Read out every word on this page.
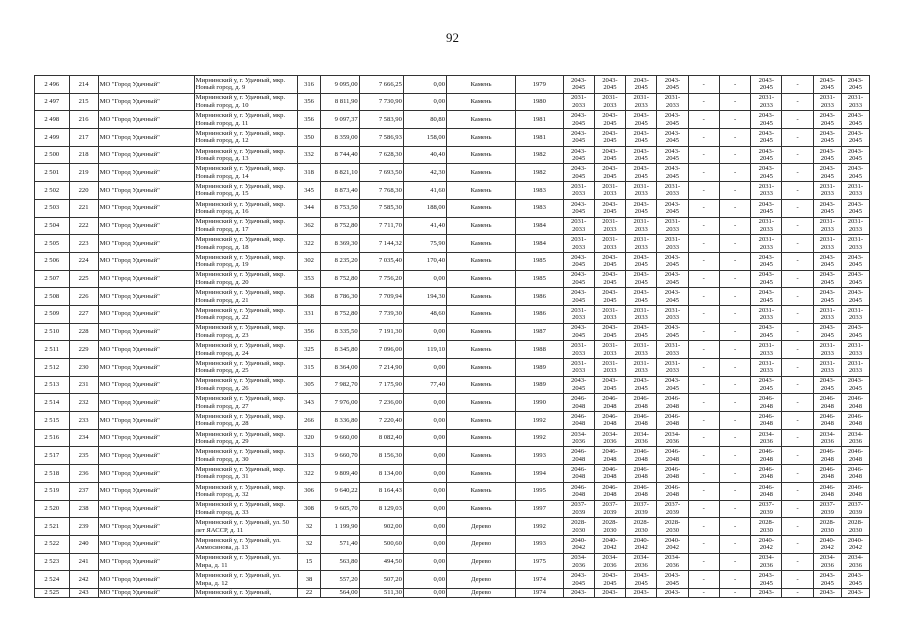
92
2 496	214	МО "Город Удачный"	Мирнинский у, г. Удачный, мкр. Новый город, д. 9	316	9 095,00	7 666,25	0,00	Камень	1979	2043-2045	2043-2045	2043-2045	2043-2045	-	-	2043-2045	-	2043-2045	2043-2045
2 497	215	МО "Город Удачный"	Мирнинский у, г. Удачный, мкр. Новый город, д. 10	356	8 811,90	7 730,90	0,00	Камень	1980	2031-2033	2031-2033	2031-2033	2031-2033	-	-	2031-2033	-	2031-2033	2031-2033
2 498	216	МО "Город Удачный"	Мирнинский у, г. Удачный, мкр. Новый город, д. 11	356	9 097,37	7 583,90	80,80	Камень	1981	2043-2045	2043-2045	2043-2045	2043-2045	-	-	2043-2045	-	2043-2045	2043-2045
2 499	217	МО "Город Удачный"	Мирнинский у, г. Удачный, мкр. Новый город, д. 12	350	8 359,00	7 586,93	158,00	Камень	1981	2043-2045	2043-2045	2043-2045	2043-2045	-	-	2043-2045	-	2043-2045	2043-2045
2 500	218	МО "Город Удачный"	Мирнинский у, г. Удачный, мкр. Новый город, д. 13	332	8 744,40	7 628,30	40,40	Камень	1982	2043-2045	2043-2045	2043-2045	2043-2045	-	-	2043-2045	-	2043-2045	2043-2045
2 501	219	МО "Город Удачный"	Мирнинский у, г. Удачный, мкр. Новый город, д. 14	318	8 821,10	7 693,50	42,30	Камень	1982	2043-2045	2043-2045	2043-2045	2043-2045	-	-	2043-2045	-	2043-2045	2043-2045
2 502	220	МО "Город Удачный"	Мирнинский у, г. Удачный, мкр. Новый город, д. 15	345	8 873,40	7 768,30	41,60	Камень	1983	2031-2033	2031-2033	2031-2033	2031-2033	-	-	2031-2033	-	2031-2033	2031-2033
2 503	221	МО "Город Удачный"	Мирнинский у, г. Удачный, мкр. Новый город, д. 16	344	8 753,50	7 585,30	188,00	Камень	1983	2043-2045	2043-2045	2043-2045	2043-2045	-	-	2043-2045	-	2043-2045	2043-2045
2 504	222	МО "Город Удачный"	Мирнинский у, г. Удачный, мкр. Новый город, д. 17	362	8 752,80	7 711,70	41,40	Камень	1984	2031-2033	2031-2033	2031-2033	2031-2033	-	-	2031-2033	-	2031-2033	2031-2033
2 505	223	МО "Город Удачный"	Мирнинский у, г. Удачный, мкр. Новый город, д. 18	322	8 369,30	7 144,32	75,90	Камень	1984	2031-2033	2031-2033	2031-2033	2031-2033	-	-	2031-2033	-	2031-2033	2031-2033
2 506	224	МО "Город Удачный"	Мирнинский у, г. Удачный, мкр. Новый город, д. 19	302	8 235,20	7 035,40	170,40	Камень	1985	2043-2045	2043-2045	2043-2045	2043-2045	-	-	2043-2045	-	2043-2045	2043-2045
2 507	225	МО "Город Удачный"	Мирнинский у, г. Удачный, мкр. Новый город, д. 20	353	8 752,80	7 756,20	0,00	Камень	1985	2043-2045	2043-2045	2043-2045	2043-2045	-	-	2043-2045	-	2043-2045	2043-2045
2 508	226	МО "Город Удачный"	Мирнинский у, г. Удачный, мкр. Новый город, д. 21	368	8 786,30	7 709,94	194,30	Камень	1986	2043-2045	2043-2045	2043-2045	2043-2045	-	-	2043-2045	-	2043-2045	2043-2045
2 509	227	МО "Город Удачный"	Мирнинский у, г. Удачный, мкр. Новый город, д. 22	331	8 752,80	7 739,30	48,60	Камень	1986	2031-2033	2031-2033	2031-2033	2031-2033	-	-	2031-2033	-	2031-2033	2031-2033
2 510	228	МО "Город Удачный"	Мирнинский у, г. Удачный, мкр. Новый город, д. 23	356	8 335,50	7 191,30	0,00	Камень	1987	2043-2045	2043-2045	2043-2045	2043-2045	-	-	2043-2045	-	2043-2045	2043-2045
2 511	229	МО "Город Удачный"	Мирнинский у, г. Удачный, мкр. Новый город, д. 24	325	8 345,80	7 096,00	119,10	Камень	1988	2031-2033	2031-2033	2031-2033	2031-2033	-	-	2031-2033	-	2031-2033	2031-2033
2 512	230	МО "Город Удачный"	Мирнинский у, г. Удачный, мкр. Новый город, д. 25	315	8 364,00	7 214,90	0,00	Камень	1989	2031-2033	2031-2033	2031-2033	2031-2033	-	-	2031-2033	-	2031-2033	2031-2033
2 513	231	МО "Город Удачный"	Мирнинский у, г. Удачный, мкр. Новый город, д. 26	305	7 982,70	7 175,90	77,40	Камень	1989	2043-2045	2043-2045	2043-2045	2043-2045	-	-	2043-2045	-	2043-2045	2043-2045
2 514	232	МО "Город Удачный"	Мирнинский у, г. Удачный, мкр. Новый город, д. 27	343	7 976,00	7 236,00	0,00	Камень	1990	2046-2048	2046-2048	2046-2048	2046-2048	-	-	2046-2048	-	2046-2048	2046-2048
2 515	233	МО "Город Удачный"	Мирнинский у, г. Удачный, мкр. Новый город, д. 28	266	8 336,80	7 220,40	0,00	Камень	1992	2046-2048	2046-2048	2046-2048	2046-2048	-	-	2046-2048	-	2046-2048	2046-2048
2 516	234	МО "Город Удачный"	Мирнинский у, г. Удачный, мкр. Новый город, д. 29	320	9 660,00	8 082,40	0,00	Камень	1992	2034-2036	2034-2036	2034-2036	2034-2036	-	-	2034-2036	-	2034-2036	2034-2036
2 517	235	МО "Город Удачный"	Мирнинский у, г. Удачный, мкр. Новый город, д. 30	313	9 660,70	8 156,30	0,00	Камень	1993	2046-2048	2046-2048	2046-2048	2046-2048	-	-	2046-2048	-	2046-2048	2046-2048
2 518	236	МО "Город Удачный"	Мирнинский у, г. Удачный, мкр. Новый город, д. 31	322	9 809,40	8 134,00	0,00	Камень	1994	2046-2048	2046-2048	2046-2048	2046-2048	-	-	2046-2048	-	2046-2048	2046-2048
2 519	237	МО "Город Удачный"	Мирнинский у, г. Удачный, мкр. Новый город, д. 32	306	9 640,22	8 164,43	0,00	Камень	1995	2046-2048	2046-2048	2046-2048	2046-2048	-	-	2046-2048	-	2046-2048	2046-2048
2 520	238	МО "Город Удачный"	Мирнинский у, г. Удачный, мкр. Новый город, д. 33	308	9 605,70	8 129,03	0,00	Камень	1997	2037-2039	2037-2039	2037-2039	2037-2039	-	-	2037-2039	-	2037-2039	2037-2039
2 521	239	МО "Город Удачный"	Мирнинский у, г. Удачный, ул. 50 лет ЯАССР, д. 11	32	1 199,90	902,00	0,00	Дерево	1992	2028-2030	2028-2030	2028-2030	2028-2030	-	-	2028-2030	-	2028-2030	2028-2030
2 522	240	МО "Город Удачный"	Мирнинский у, г. Удачный, ул. Аммосинова, д. 13	32	571,40	500,60	0,00	Дерево	1993	2040-2042	2040-2042	2040-2042	2040-2042	-	-	2040-2042	-	2040-2042	2040-2042
2 523	241	МО "Город Удачный"	Мирнинский у, г. Удачный, ул. Мира, д. 11	15	563,80	494,50	0,00	Дерево	1975	2034-2036	2034-2036	2034-2036	2034-2036	-	-	2034-2036	-	2034-2036	2034-2036
2 524	242	МО "Город Удачный"	Мирнинский у, г. Удачный, ул. Мира, д. 12	38	557,20	507,20	0,00	Дерево	1974	2043-2045	2043-2045	2043-2045	2043-2045	-	-	2043-2045	-	2043-2045	2043-2045
2 525	243	МО "Город Удачный"	Мирнинский у, г. Удачный,	22	564,00	511,30	0,00	Дерево	1974	2043-	2043-	2043-	2043-	-	-	2043-	-	2043-	2043-
